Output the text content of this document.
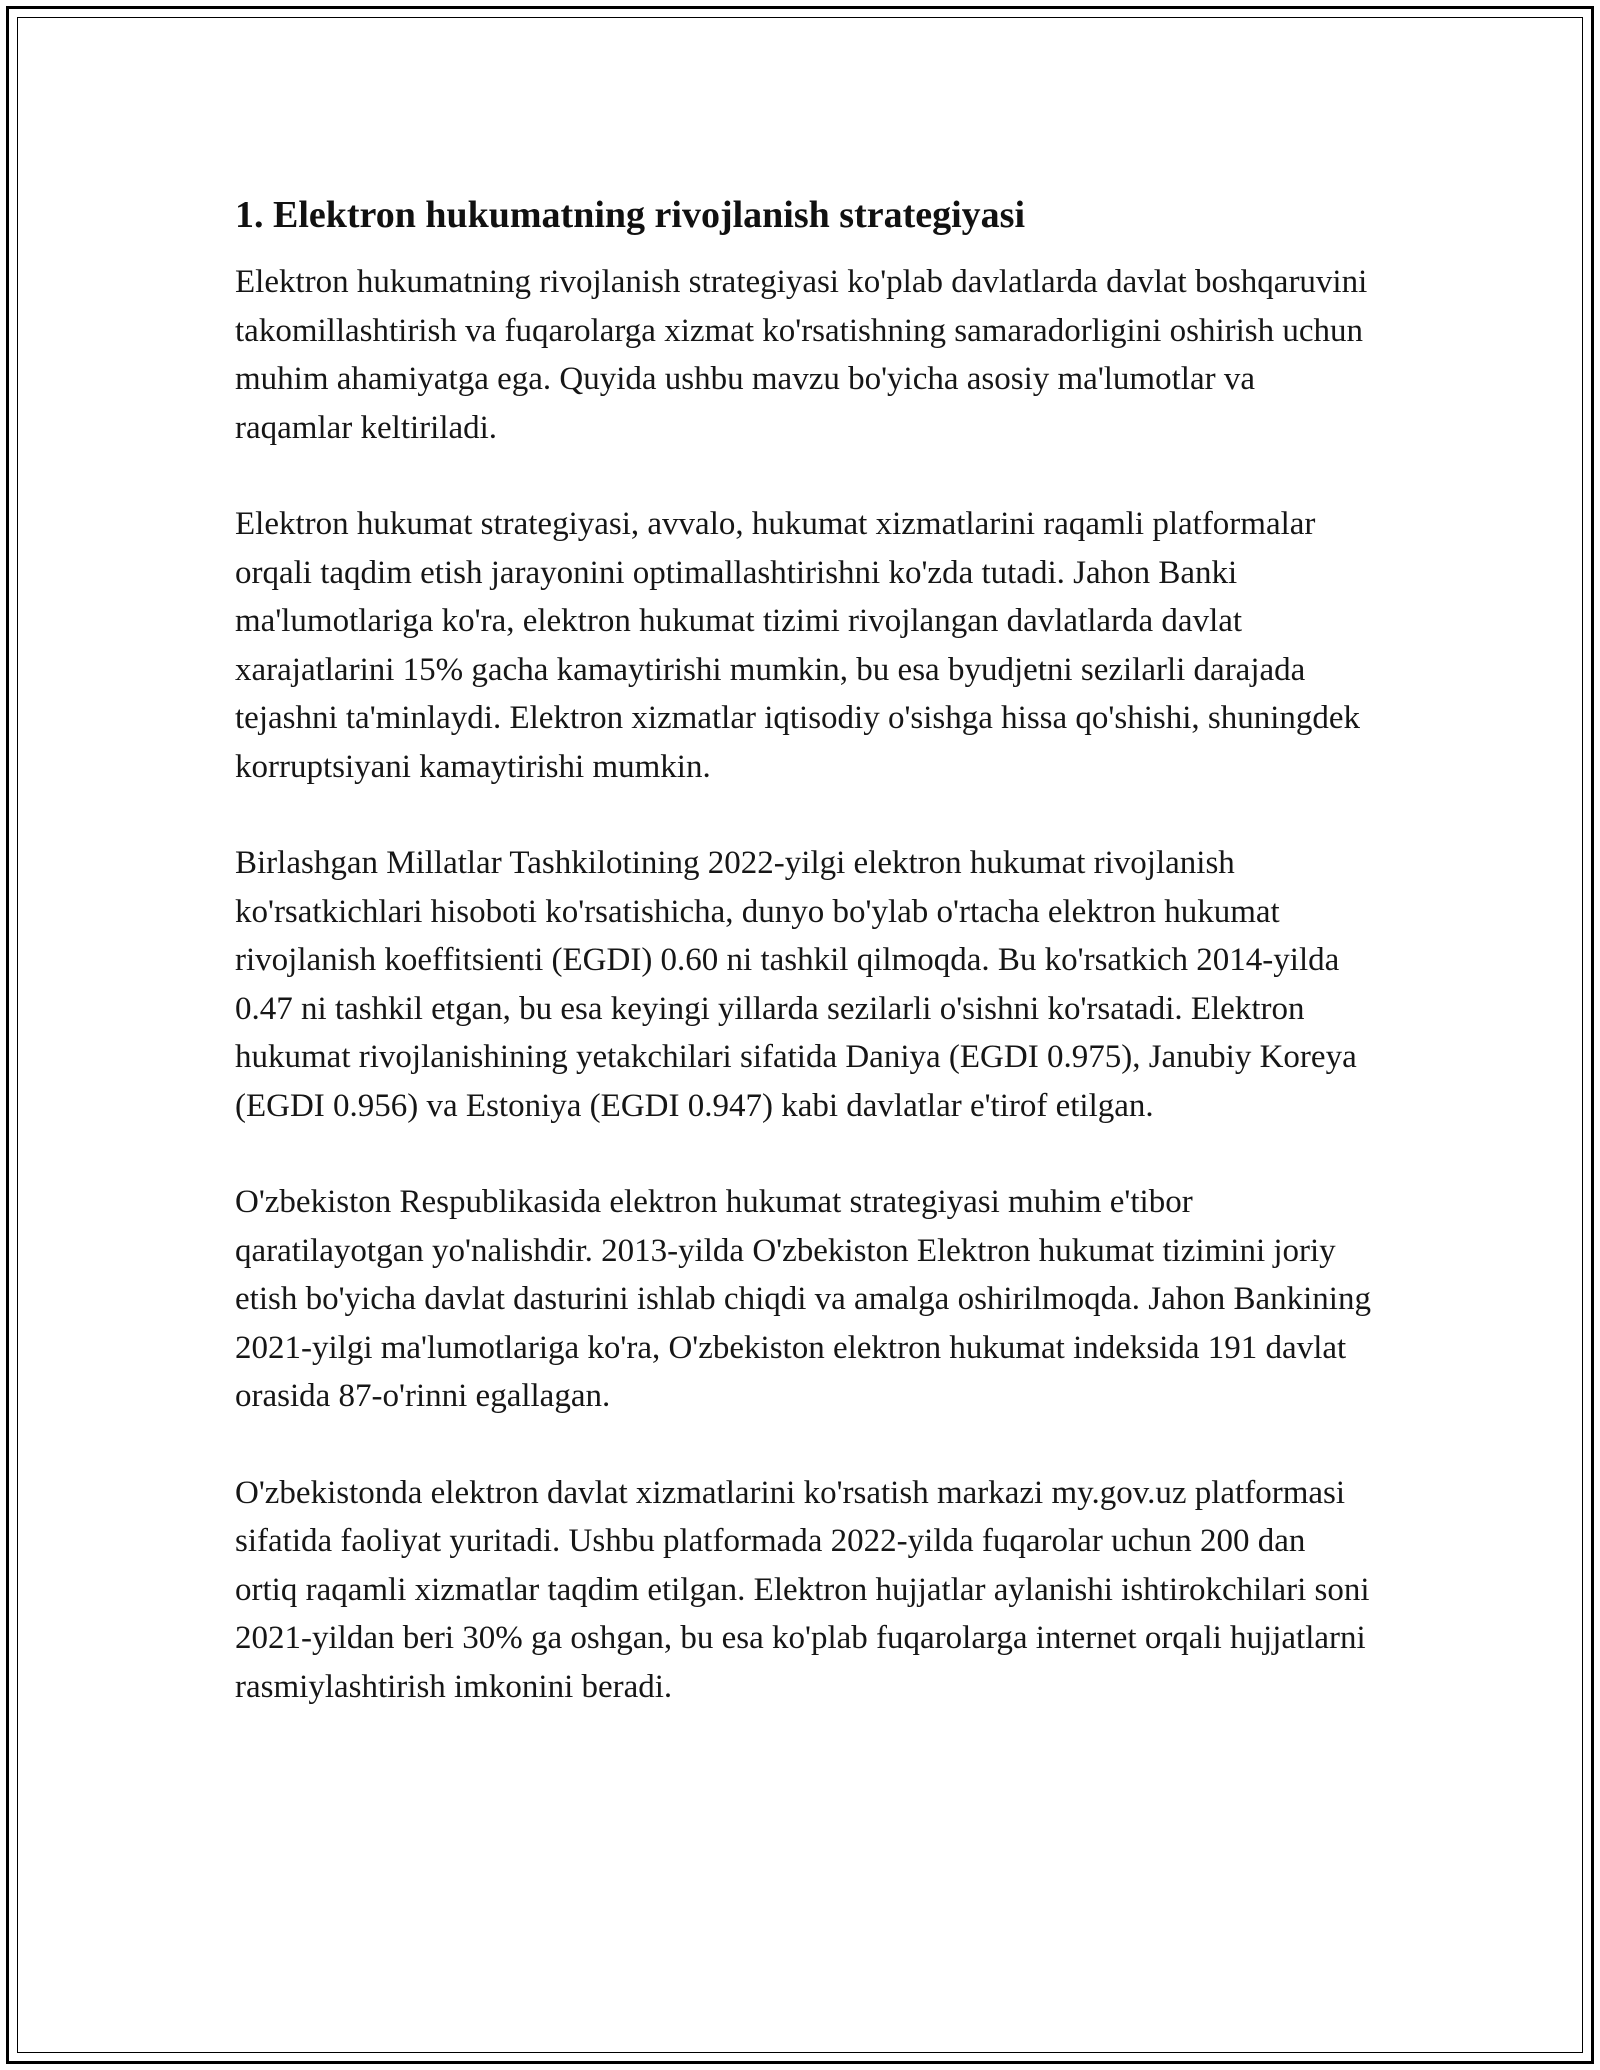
1. Elektron hukumatning rivojlanish strategiyasi

Elektron hukumatning rivojlanish strategiyasi ko'plab davlatlarda davlat boshqaruvini takomillashtirish va fuqarolarga xizmat ko'rsatishning samaradorligini oshirish uchun muhim ahamiyatga ega. Quyida ushbu mavzu bo'yicha asosiy ma'lumotlar va raqamlar keltiriladi.

Elektron hukumat strategiyasi, avvalo, hukumat xizmatlarini raqamli platformalar orqali taqdim etish jarayonini optimallashtirishni ko'zda tutadi. Jahon Banki ma'lumotlariga ko'ra, elektron hukumat tizimi rivojlangan davlatlarda davlat xarajatlarini 15% gacha kamaytirishi mumkin, bu esa byudjetni sezilarli darajada tejashni ta'minlaydi. Elektron xizmatlar iqtisodiy o'sishga hissa qo'shishi, shuningdek korruptsiyani kamaytirishi mumkin.

Birlashgan Millatlar Tashkilotining 2022-yilgi elektron hukumat rivojlanish ko'rsatkichlari hisoboti ko'rsatishicha, dunyo bo'ylab o'rtacha elektron hukumat rivojlanish koeffitsienti (EGDI) 0.60 ni tashkil qilmoqda. Bu ko'rsatkich 2014-yilda 0.47 ni tashkil etgan, bu esa keyingi yillarda sezilarli o'sishni ko'rsatadi. Elektron hukumat rivojlanishining yetakchilari sifatida Daniya (EGDI 0.975), Janubiy Koreya (EGDI 0.956) va Estoniya (EGDI 0.947) kabi davlatlar e'tirof etilgan.

O'zbekiston Respublikasida elektron hukumat strategiyasi muhim e'tibor qaratilayotgan yo'nalishdir. 2013-yilda O'zbekiston Elektron hukumat tizimini joriy etish bo'yicha davlat dasturini ishlab chiqdi va amalga oshirilmoqda. Jahon Bankining 2021-yilgi ma'lumotlariga ko'ra, O'zbekiston elektron hukumat indeksida 191 davlat orasida 87-o'rinni egallagan.

O'zbekistonda elektron davlat xizmatlarini ko'rsatish markazi my.gov.uz platformasi sifatida faoliyat yuritadi. Ushbu platformada 2022-yilda fuqarolar uchun 200 dan ortiq raqamli xizmatlar taqdim etilgan. Elektron hujjatlar aylanishi ishtirokchilari soni 2021-yildan beri 30% ga oshgan, bu esa ko'plab fuqarolarga internet orqali hujjatlarni rasmiylashtirish imkonini beradi.
